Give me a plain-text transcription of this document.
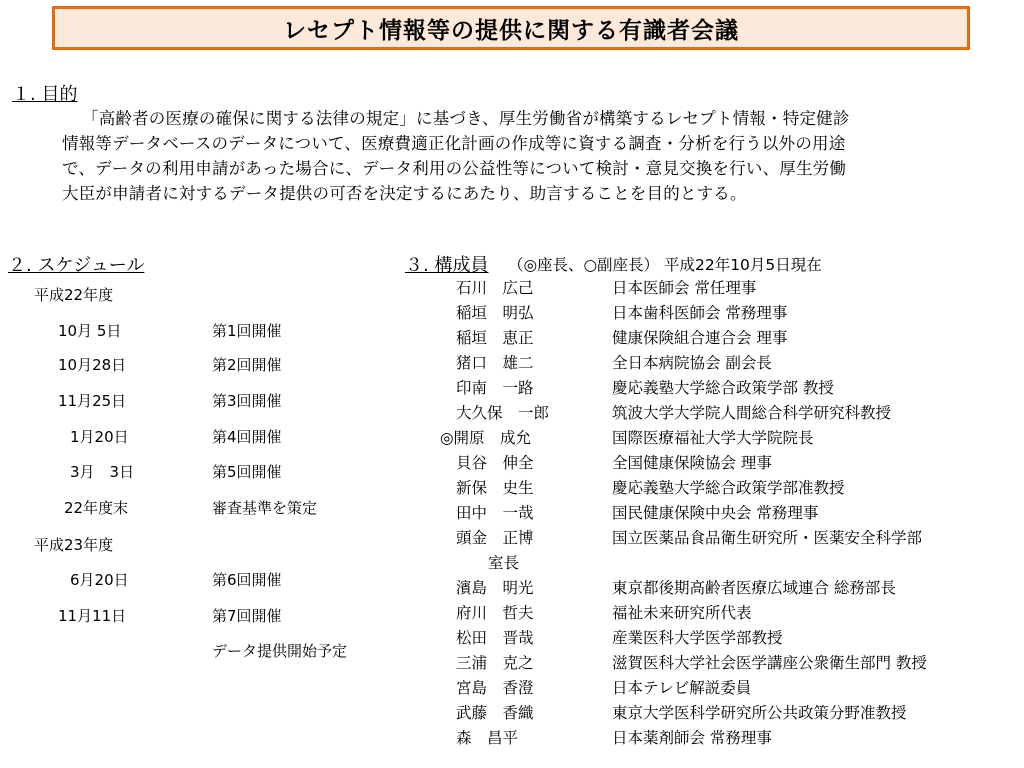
レセプト情報等の提供に関する有識者会議
１. 目的
「高齢者の医療の確保に関する法律の規定」に基づき、厚生労働省が構築するレセプト情報・特定健診
情報等データベースのデータについて、医療費適正化計画の作成等に資する調査・分析を行う以外の用途
で、データの利用申請があった場合に、データ利用の公益性等について検討・意見交換を行い、厚生労働
大臣が申請者に対するデータ提供の可否を決定するにあたり、助言することを目的とする。
２. スケジュール
平成22年度
10月 5日	第1回開催
10月28日	第2回開催
11月25日	第3回開催
1月20日	第4回開催
3月　3日	第5回開催
22年度末	審査基準を策定
平成23年度
6月20日	第6回開催
11月11日	第7回開催
データ提供開始予定
３. 構成員 （◎座長、○副座長） 平成22年10月5日現在
石川　広己	日本医師会 常任理事
稲垣　明弘	日本歯科医師会 常務理事
稲垣　恵正	健康保険組合連合会 理事
猪口　雄二	全日本病院協会 副会長
印南　一路	慶応義塾大学総合政策学部 教授
大久保　一郎	筑波大学大学院人間総合科学研究科教授
◎開原　成允	国際医療福祉大学大学院院長
貝谷　伸全	全国健康保険協会 理事
新保　史生	慶応義塾大学総合政策学部准教授
田中　一哉	国民健康保険中央会 常務理事
頭金　正博	国立医薬品食品衛生研究所・医薬安全科学部
室長
濱島　明光	東京都後期高齢者医療広域連合 総務部長
府川　哲夫	福祉未来研究所代表
松田　晋哉	産業医科大学医学部教授
三浦　克之	滋賀医科大学社会医学講座公衆衛生部門 教授
宮島　香澄	日本テレビ解説委員
武藤　香織	東京大学医科学研究所公共政策分野准教授
森　昌平	日本薬剤師会 常務理事
